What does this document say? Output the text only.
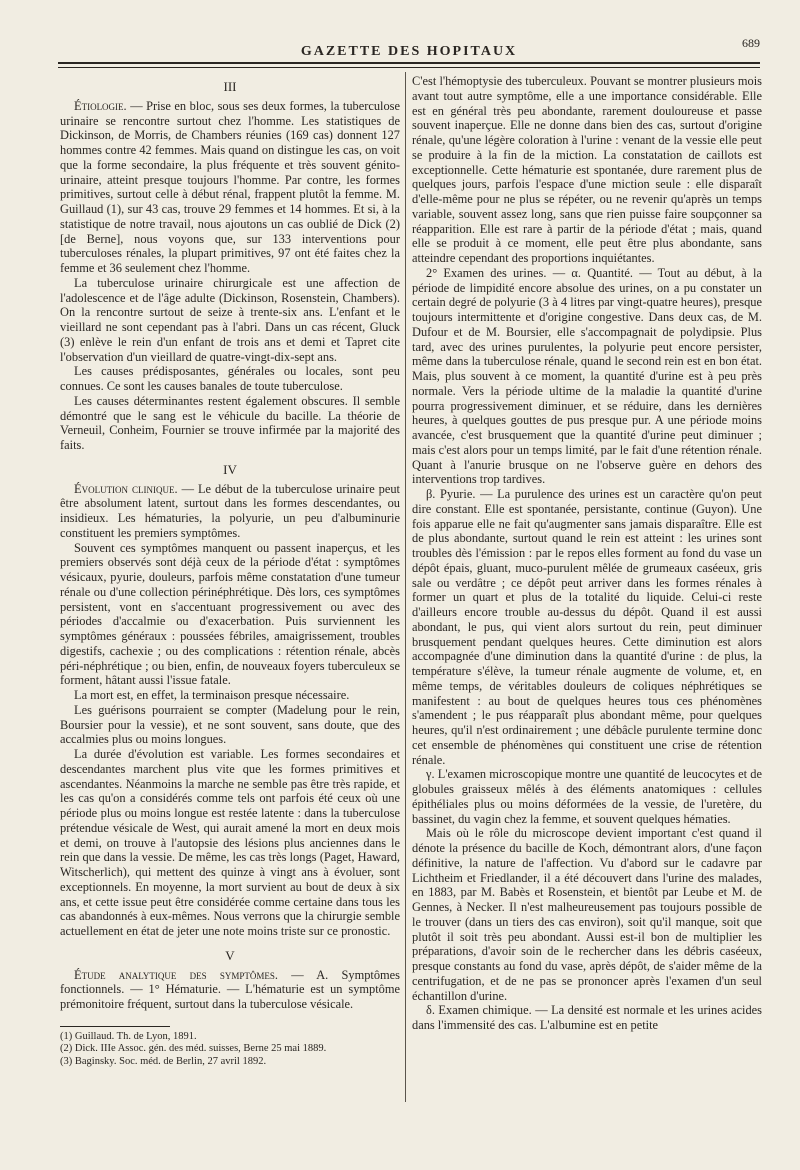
GAZETTE DES HOPITAUX
689

III

Étiologie. — Prise en bloc, sous ses deux formes, la tuberculose urinaire se rencontre surtout chez l'homme. Les statistiques de Dickinson, de Morris, de Chambers réunies (169 cas) donnent 127 hommes contre 42 femmes. Mais quand on distingue les cas, on voit que la forme secondaire, la plus fréquente et très souvent génito-urinaire, atteint presque toujours l'homme. Par contre, les formes primitives, surtout celle à début rénal, frappent plutôt la femme. M. Guillaud (1), sur 43 cas, trouve 29 femmes et 14 hommes. Et si, à la statistique de notre travail, nous ajoutons un cas oublié de Dick (2) [de Berne], nous voyons que, sur 133 interventions pour tuberculoses rénales, la plupart primitives, 97 ont été faites chez la femme et 36 seulement chez l'homme.

La tuberculose urinaire chirurgicale est une affection de l'adolescence et de l'âge adulte (Dickinson, Rosenstein, Chambers). On la rencontre surtout de seize à trente-six ans. L'enfant et le vieillard ne sont cependant pas à l'abri. Dans un cas récent, Gluck (3) enlève le rein d'un enfant de trois ans et demi et Tapret cite l'observation d'un vieillard de quatre-vingt-dix-sept ans.

Les causes prédisposantes, générales ou locales, sont peu connues. Ce sont les causes banales de toute tuberculose.

Les causes déterminantes restent également obscures. Il semble démontré que le sang est le véhicule du bacille. La théorie de Verneuil, Conheim, Fournier se trouve infirmée par la majorité des faits.

IV

Évolution clinique. — Le début de la tuberculose urinaire peut être absolument latent, surtout dans les formes descendantes, ou insidieux. Les hématuries, la polyurie, un peu d'albuminurie constituent les premiers symptômes.

Souvent ces symptômes manquent ou passent inaperçus, et les premiers observés sont déjà ceux de la période d'état : symptômes vésicaux, pyurie, douleurs, parfois même constatation d'une tumeur rénale ou d'une collection périnéphrétique. Dès lors, ces symptômes persistent, vont en s'accentuant progressivement ou avec des périodes d'accalmie ou d'exacerbation. Puis surviennent les symptômes généraux : poussées fébriles, amaigrissement, troubles digestifs, cachexie ; ou des complications : rétention rénale, abcès péri-néphrétique ; ou bien, enfin, de nouveaux foyers tuberculeux se forment, hâtant aussi l'issue fatale.

La mort est, en effet, la terminaison presque nécessaire.

Les guérisons pourraient se compter (Madelung pour le rein, Boursier pour la vessie), et ne sont souvent, sans doute, que des accalmies plus ou moins longues.

La durée d'évolution est variable. Les formes secondaires et descendantes marchent plus vite que les formes primitives et ascendantes. Néanmoins la marche ne semble pas être très rapide, et les cas qu'on a considérés comme tels ont parfois été ceux où une période plus ou moins longue est restée latente : dans la tuberculose prétendue vésicale de West, qui aurait amené la mort en deux mois et demi, on trouve à l'autopsie des lésions plus anciennes dans le rein que dans la vessie. De même, les cas très longs (Paget, Haward, Witscherlich), qui mettent des quinze à vingt ans à évoluer, sont exceptionnels. En moyenne, la mort survient au bout de deux à six ans, et cette issue peut être considérée comme certaine dans tous les cas abandonnés à eux-mêmes. Nous verrons que la chirurgie semble actuellement en état de jeter une note moins triste sur ce pronostic.

V

Étude analytique des symptômes. — A. Symptômes fonctionnels. — 1° Hématurie. — L'hématurie est un symptôme prémonitoire fréquent, surtout dans la tuberculose vésicale.

(1) Guillaud. Th. de Lyon, 1891.
(2) Dick. IIIe Assoc. gén. des méd. suisses, Berne 25 mai 1889.
(3) Baginsky. Soc. méd. de Berlin, 27 avril 1892.

C'est l'hémoptysie des tuberculeux. Pouvant se montrer plusieurs mois avant tout autre symptôme, elle a une importance considérable. Elle est en général très peu abondante, rarement douloureuse et passe souvent inaperçue. Elle ne donne dans bien des cas, surtout d'origine rénale, qu'une légère coloration à l'urine : venant de la vessie elle peut se produire à la fin de la miction. La constatation de caillots est exceptionnelle. Cette hématurie est spontanée, dure rarement plus de quelques jours, parfois l'espace d'une miction seule : elle disparaît d'elle-même pour ne plus se répéter, ou ne revenir qu'après un temps variable, souvent assez long, sans que rien puisse faire soupçonner sa réapparition. Elle est rare à partir de la période d'état ; mais, quand elle se produit à ce moment, elle peut être plus abondante, sans atteindre cependant des proportions inquiétantes.

2° Examen des urines. — α. Quantité. — Tout au début, à la période de limpidité encore absolue des urines, on a pu constater un certain degré de polyurie (3 à 4 litres par vingt-quatre heures), presque toujours intermittente et d'origine congestive. Dans deux cas, de M. Dufour et de M. Boursier, elle s'accompagnait de polydipsie. Plus tard, avec des urines purulentes, la polyurie peut encore persister, même dans la tuberculose rénale, quand le second rein est en bon état. Mais, plus souvent à ce moment, la quantité d'urine est à peu près normale. Vers la période ultime de la maladie la quantité d'urine pourra progressivement diminuer, et se réduire, dans les dernières heures, à quelques gouttes de pus presque pur. A une période moins avancée, c'est brusquement que la quantité d'urine peut diminuer ; mais c'est alors pour un temps limité, par le fait d'une rétention rénale. Quant à l'anurie brusque on ne l'observe guère en dehors des interventions trop tardives.

β. Pyurie. — La purulence des urines est un caractère qu'on peut dire constant. Elle est spontanée, persistante, continue (Guyon). Une fois apparue elle ne fait qu'augmenter sans jamais disparaître. Elle est de plus abondante, surtout quand le rein est atteint : les urines sont troubles dès l'émission : par le repos elles forment au fond du vase un dépôt épais, gluant, muco-purulent mêlée de grumeaux caséeux, gris sale ou verdâtre ; ce dépôt peut arriver dans les formes rénales à former un quart et plus de la totalité du liquide. Celui-ci reste d'ailleurs encore trouble au-dessus du dépôt. Quand il est aussi abondant, le pus, qui vient alors surtout du rein, peut diminuer brusquement pendant quelques heures. Cette diminution est alors accompagnée d'une diminution dans la quantité d'urine : de plus, la température s'élève, la tumeur rénale augmente de volume, et, en même temps, de véritables douleurs de coliques néphrétiques se manifestent : au bout de quelques heures tous ces phénomènes s'amendent ; le pus réapparaît plus abondant même, pour quelques heures, qu'il n'est ordinairement ; une débâcle purulente termine donc cet ensemble de phénomènes qui constituent une crise de rétention rénale.

γ. L'examen microscopique montre une quantité de leucocytes et de globules graisseux mêlés à des éléments anatomiques : cellules épithéliales plus ou moins déformées de la vessie, de l'uretère, du bassinet, du vagin chez la femme, et souvent quelques hématies.

Mais où le rôle du microscope devient important c'est quand il dénote la présence du bacille de Koch, démontrant alors, d'une façon définitive, la nature de l'affection. Vu d'abord sur le cadavre par Lichtheim et Friedlander, il a été découvert dans l'urine des malades, en 1883, par M. Babès et Rosenstein, et bientôt par Leube et M. de Gennes, à Necker. Il n'est malheureusement pas toujours possible de le trouver (dans un tiers des cas environ), soit qu'il manque, soit que plutôt il soit très peu abondant. Aussi est-il bon de multiplier les préparations, d'avoir soin de le rechercher dans les débris caséeux, presque constants au fond du vase, après dépôt, de s'aider même de la centrifugation, et de ne pas se prononcer après l'examen d'un seul échantillon d'urine.

δ. Examen chimique. — La densité est normale et les urines acides dans l'immensité des cas. L'albumine est en petite
